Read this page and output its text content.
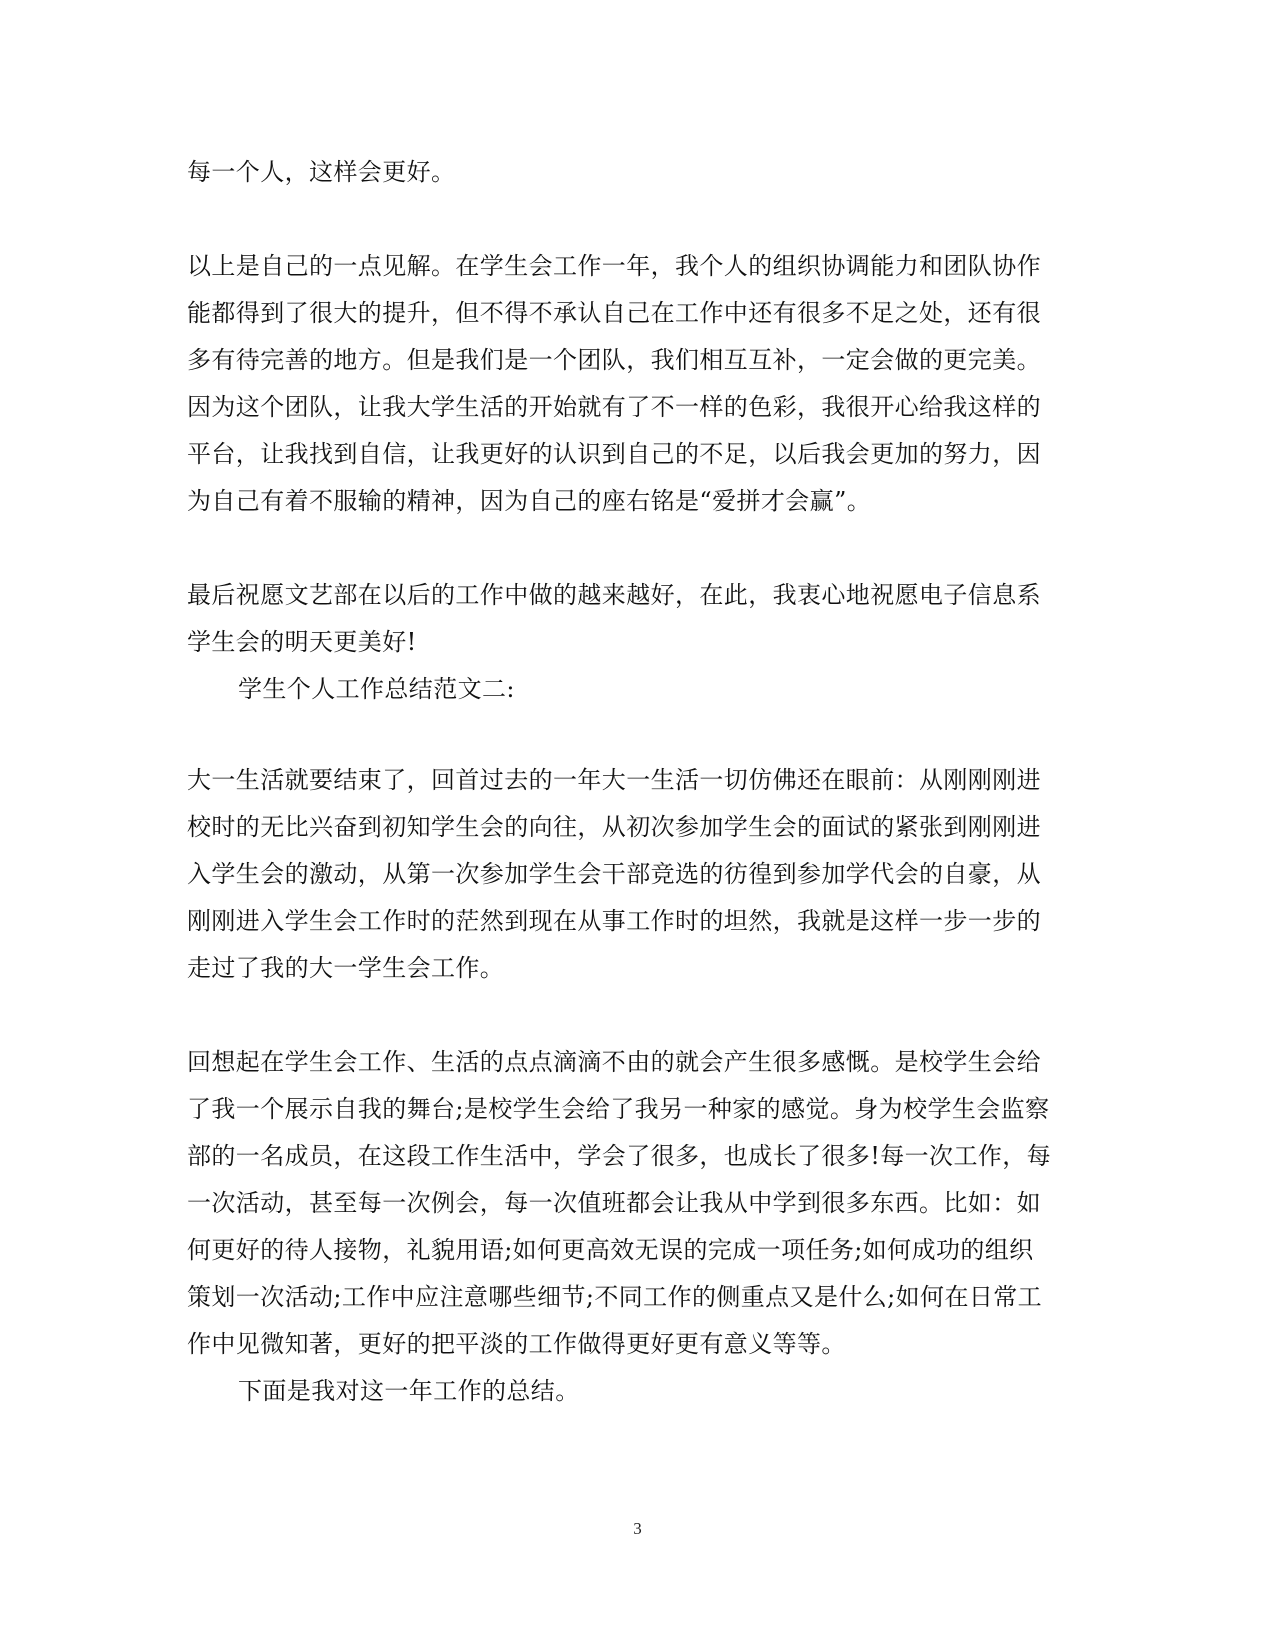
每一个人，这样会更好。
以上是自己的一点见解。在学生会工作一年，我个人的组织协调能力和团队协作
能都得到了很大的提升，但不得不承认自己在工作中还有很多不足之处，还有很
多有待完善的地方。但是我们是一个团队，我们相互互补，一定会做的更完美。
因为这个团队，让我大学生活的开始就有了不一样的色彩，我很开心给我这样的
平台，让我找到自信，让我更好的认识到自己的不足，以后我会更加的努力，因
为自己有着不服输的精神，因为自己的座右铭是“爱拼才会赢”。
最后祝愿文艺部在以后的工作中做的越来越好，在此，我衷心地祝愿电子信息系
学生会的明天更美好!
学生个人工作总结范文二:
大一生活就要结束了，回首过去的一年大一生活一切仿佛还在眼前：从刚刚刚进
校时的无比兴奋到初知学生会的向往，从初次参加学生会的面试的紧张到刚刚进
入学生会的激动，从第一次参加学生会干部竞选的彷徨到参加学代会的自豪，从
刚刚进入学生会工作时的茫然到现在从事工作时的坦然，我就是这样一步一步的
走过了我的大一学生会工作。
回想起在学生会工作、生活的点点滴滴不由的就会产生很多感慨。是校学生会给
了我一个展示自我的舞台;是校学生会给了我另一种家的感觉。身为校学生会监察
部的一名成员，在这段工作生活中，学会了很多，也成长了很多!每一次工作，每
一次活动，甚至每一次例会，每一次值班都会让我从中学到很多东西。比如：如
何更好的待人接物，礼貌用语;如何更高效无误的完成一项任务;如何成功的组织
策划一次活动;工作中应注意哪些细节;不同工作的侧重点又是什么;如何在日常工
作中见微知著，更好的把平淡的工作做得更好更有意义等等。
下面是我对这一年工作的总结。
3
